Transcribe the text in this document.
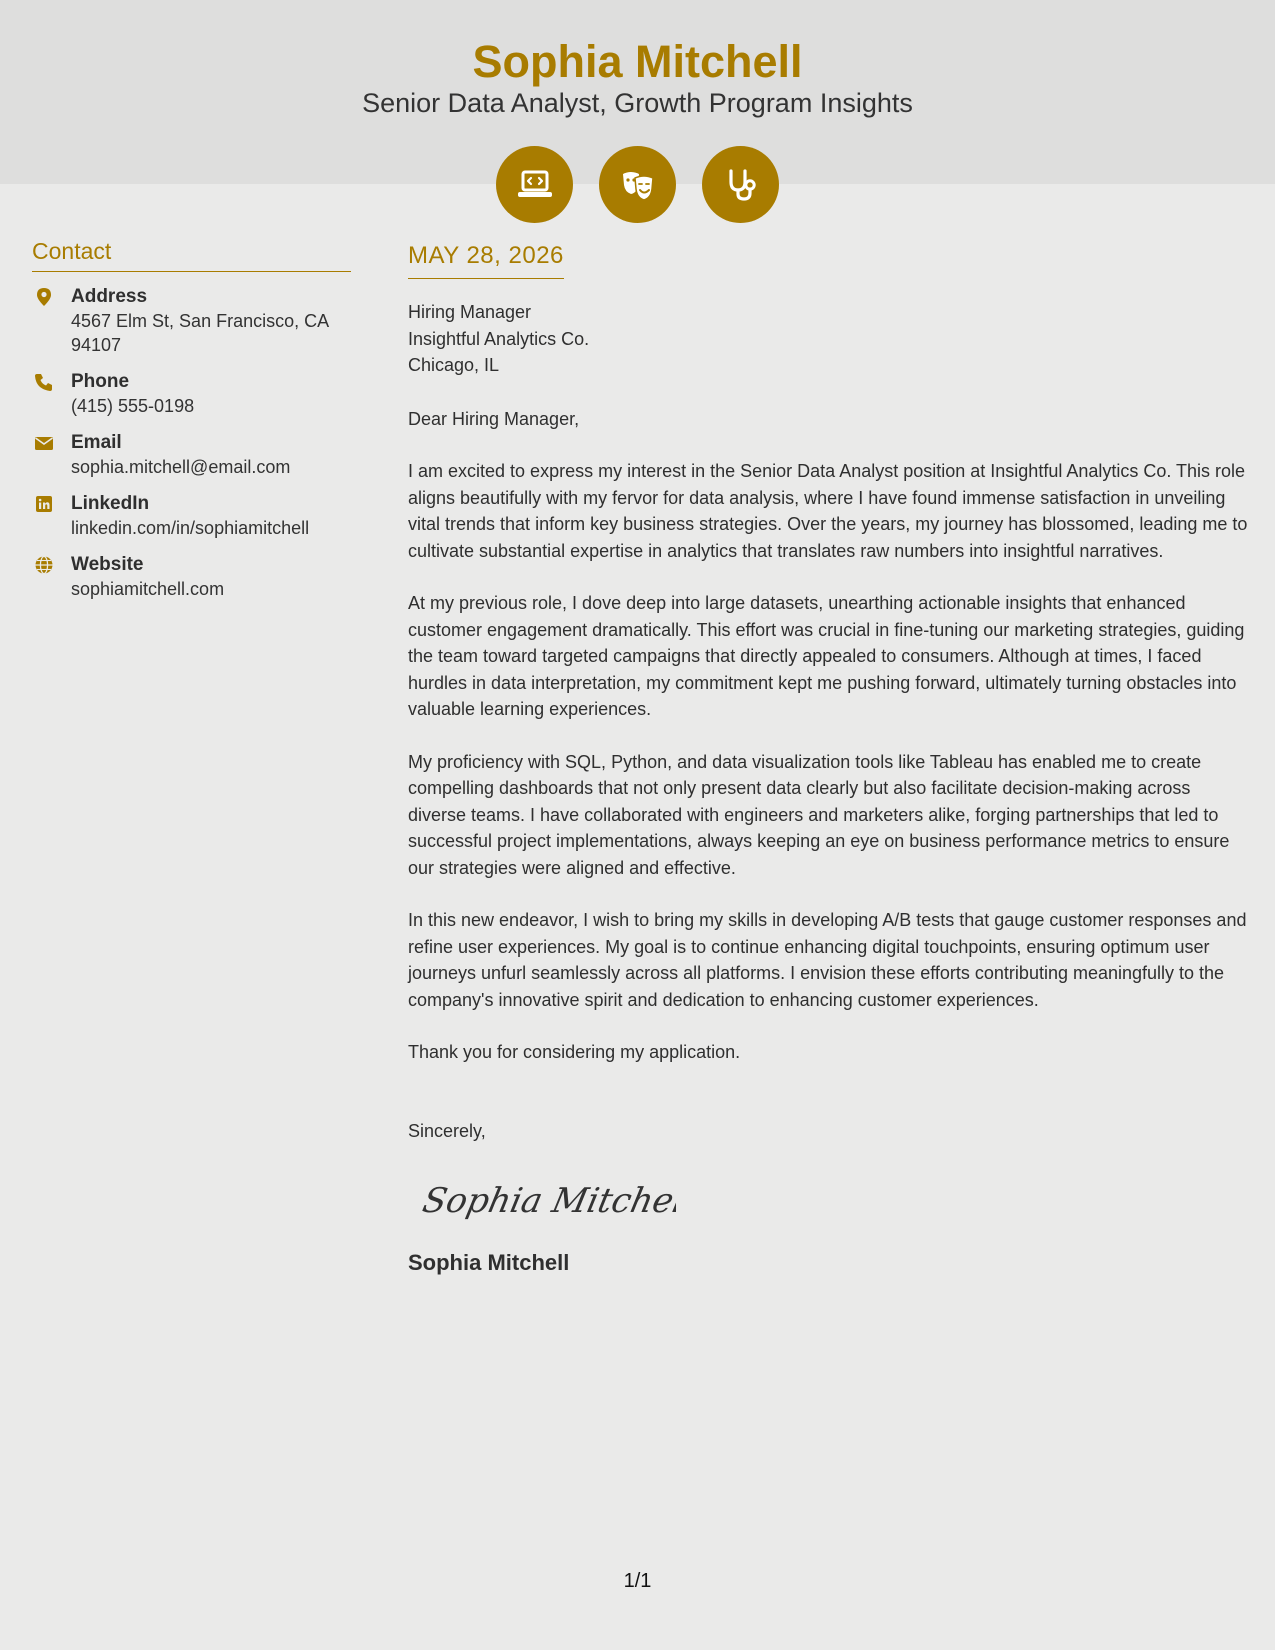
Sophia Mitchell
Senior Data Analyst, Growth Program Insights
Contact
Address
4567 Elm St, San Francisco, CA 94107
Phone
(415) 555-0198
Email
sophia.mitchell@email.com
LinkedIn
linkedin.com/in/sophiamitchell
Website
sophiamitchell.com
MAY 28, 2026
Hiring Manager
Insightful Analytics Co.
Chicago, IL
Dear Hiring Manager,
I am excited to express my interest in the Senior Data Analyst position at Insightful Analytics Co. This role aligns beautifully with my fervor for data analysis, where I have found immense satisfaction in unveiling vital trends that inform key business strategies. Over the years, my journey has blossomed, leading me to cultivate substantial expertise in analytics that translates raw numbers into insightful narratives.
At my previous role, I dove deep into large datasets, unearthing actionable insights that enhanced customer engagement dramatically. This effort was crucial in fine-tuning our marketing strategies, guiding the team toward targeted campaigns that directly appealed to consumers. Although at times, I faced hurdles in data interpretation, my commitment kept me pushing forward, ultimately turning obstacles into valuable learning experiences.
My proficiency with SQL, Python, and data visualization tools like Tableau has enabled me to create compelling dashboards that not only present data clearly but also facilitate decision-making across diverse teams. I have collaborated with engineers and marketers alike, forging partnerships that led to successful project implementations, always keeping an eye on business performance metrics to ensure our strategies were aligned and effective.
In this new endeavor, I wish to bring my skills in developing A/B tests that gauge customer responses and refine user experiences. My goal is to continue enhancing digital touchpoints, ensuring optimum user journeys unfurl seamlessly across all platforms. I envision these efforts contributing meaningfully to the company's innovative spirit and dedication to enhancing customer experiences.
Thank you for considering my application.
Sincerely,
Sophia Mitchell
Sophia Mitchell
1/1
